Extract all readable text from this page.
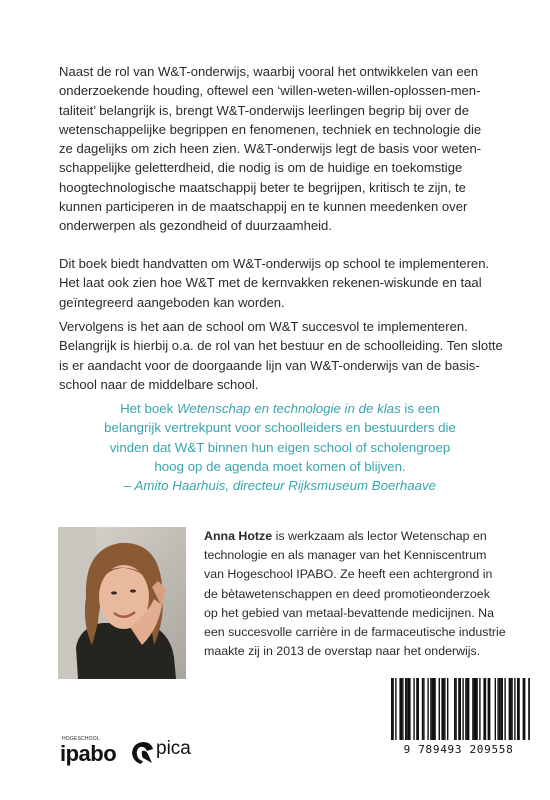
Naast de rol van W&T-onderwijs, waarbij vooral het ontwikkelen van een
onderzoekende houding, oftewel een ‘willen-weten-willen-oplossen-men-
taliteit’ belangrijk is, brengt W&T-onderwijs leerlingen begrip bij over de
wetenschappelijke begrippen en fenomenen, techniek en technologie die
ze dagelijks om zich heen zien. W&T-onderwijs legt de basis voor weten-
schappelijke geletterdheid, die nodig is om de huidige en toekomstige
hoogtechnologische maatschappij beter te begrijpen, kritisch te zijn, te
kunnen participeren in de maatschappij en te kunnen meedenken over
onderwerpen als gezondheid of duurzaamheid.

Dit boek biedt handvatten om W&T-onderwijs op school te implementeren.
Het laat ook zien hoe W&T met de kernvakken rekenen-wiskunde en taal
geïntegreerd aangeboden kan worden.

Vervolgens is het aan de school om W&T succesvol te implementeren.
Belangrijk is hierbij o.a. de rol van het bestuur en de schoolleiding. Ten slotte
is er aandacht voor de doorgaande lijn van W&T-onderwijs van de basis-
school naar de middelbare school.

Het boek Wetenschap en technologie in de klas is een
belangrijk vertrekpunt voor schoolleiders en bestuurders die
vinden dat W&T binnen hun eigen school of scholengroep
hoog op de agenda moet komen of blijven.
– Amito Haarhuis, directeur Rijksmuseum Boerhaave

Anna Hotze is werkzaam als lector Wetenschap en
technologie en als manager van het Kenniscentrum
van Hogeschool IPABO. Ze heeft een achtergrond in
de bètawetenschappen en deed promotieonderzoek
op het gebied van metaal-bevattende medicijnen. Na
een succesvolle carrière in de farmaceutische industrie
maakte zij in 2013 de overstap naar het onderwijs.
9 789493 209558
HOGESCHOOL
ipabo pica
